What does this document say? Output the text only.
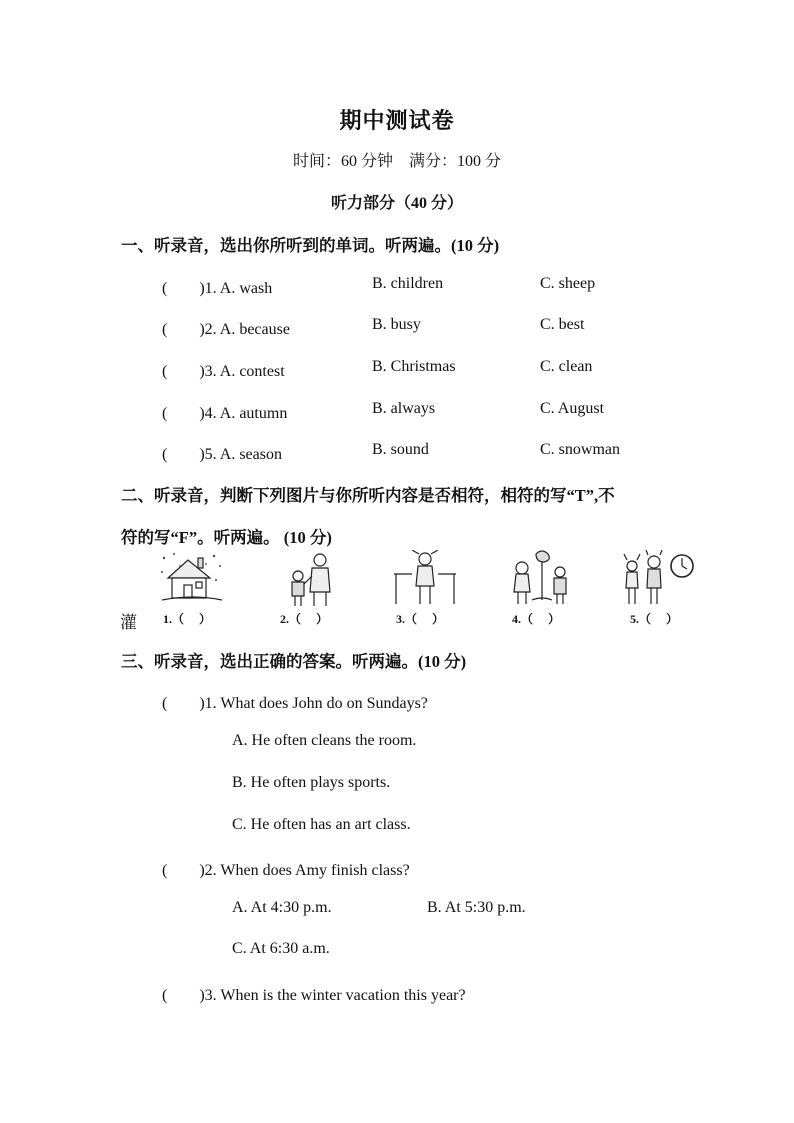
期中测试卷
时间：60 分钟　满分：100 分
听力部分（40 分）
一、听录音，选出你所听到的单词。听两遍。(10 分)
(　　)1. A. wash	B. children	C. sheep
(　　)2. A. because	B. busy	C. best
(　　)3. A. contest	B. Christmas	C. clean
(　　)4. A. autumn	B. always	C. August
(　　)5. A. season	B. sound	C. snowman
二、听录音，判断下列图片与你所听内容是否相符，相符的写“T”,不
符的写“F”。听两遍。 (10 分)
灌 1.（　 ）	2.（　 ）	3.（　 ）	4.（　 ）	5.（　 ）
三、听录音，选出正确的答案。听两遍。(10 分)
(　　)1. What does John do on Sundays?
A. He often cleans the room.
B. He often plays sports.
C. He often has an art class.
(　　)2. When does Amy finish class?
A. At 4:30 p.m.	B. At 5:30 p.m.
C. At 6:30 a.m.
(　　)3. When is the winter vacation this year?
